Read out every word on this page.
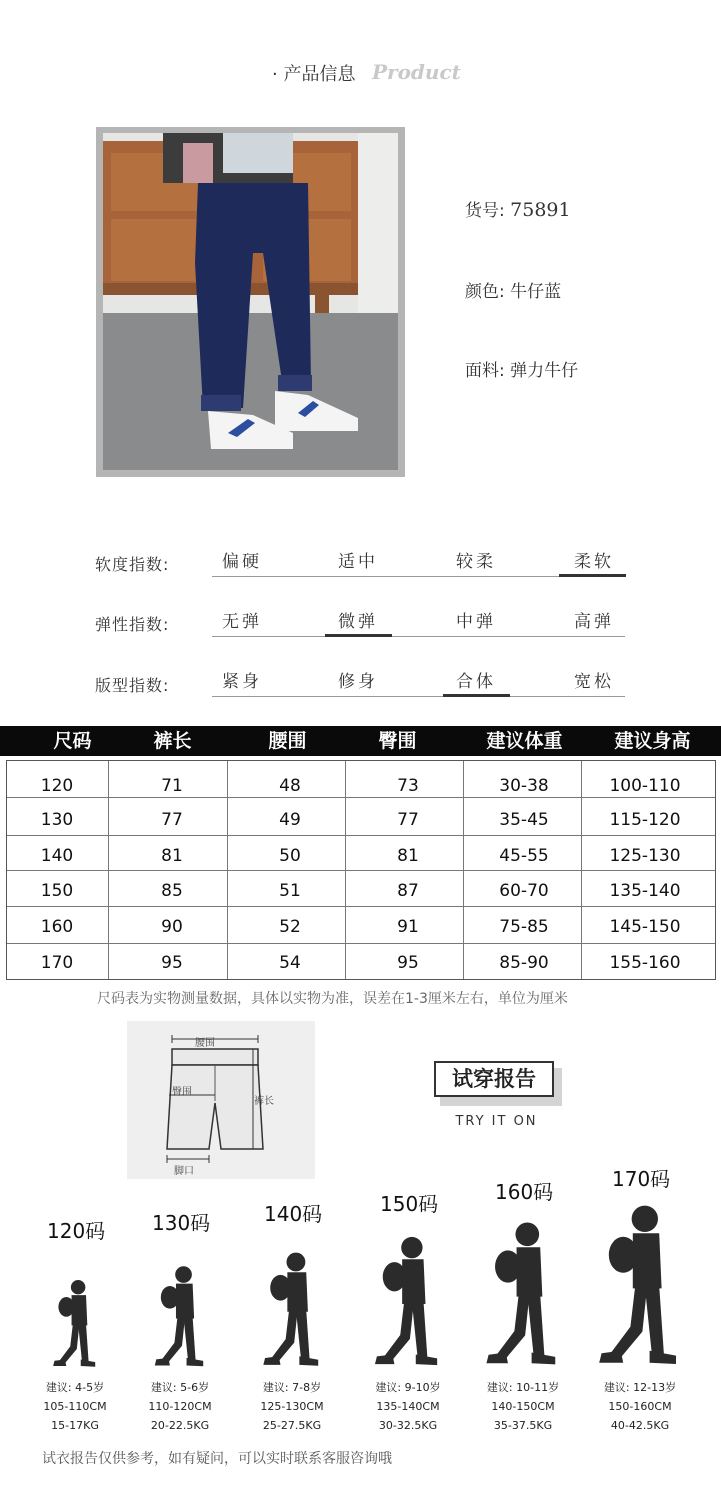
· 产品信息 Product
货号: 75891
颜色: 牛仔蓝
面料: 弹力牛仔
软度指数:	偏硬	适中	较柔	柔软
弹性指数:	无弹	微弹	中弹	高弹
版型指数:	紧身	修身	合体	宽松
尺码	裤长	腰围	臀围	建议体重	建议身高
120	71	48	73	30-38	100-110
130	77	49	77	35-45	115-120
140	81	50	81	45-55	125-130
150	85	51	87	60-70	135-140
160	90	52	91	75-85	145-150
170	95	54	95	85-90	155-160
尺码表为实物测量数据，具体以实物为准，误差在1-3厘米左右，单位为厘米
腰围
臀围
裤长
脚口
试穿报告
TRY IT ON
120码
建议: 4-5岁
105-110CM
15-17KG
130码
建议: 5-6岁
110-120CM
20-22.5KG
140码
建议: 7-8岁
125-130CM
25-27.5KG
150码
建议: 9-10岁
135-140CM
30-32.5KG
160码
建议: 10-11岁
140-150CM
35-37.5KG
170码
建议: 12-13岁
150-160CM
40-42.5KG
试衣报告仅供参考，如有疑问，可以实时联系客服咨询哦
